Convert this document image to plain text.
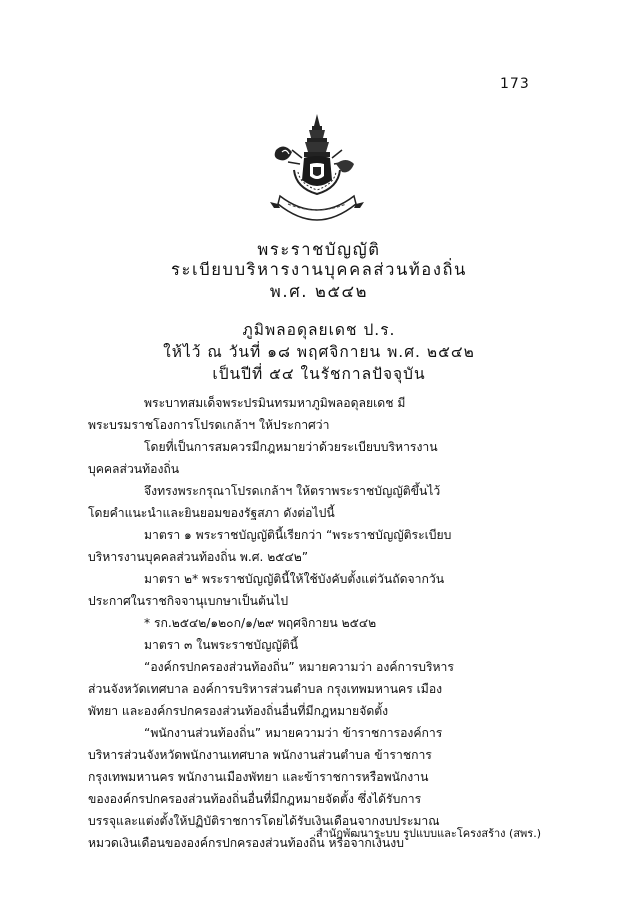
173
พระราชบัญญัติ
ระเบียบบริหารงานบุคคลส่วนท้องถิ่น
พ.ศ. ๒๕๔๒
ภูมิพลอดุลยเดช ป.ร.
ให้ไว้ ณ วันที่ ๑๘ พฤศจิกายน พ.ศ. ๒๕๔๒
เป็นปีที่ ๕๔ ในรัชกาลปัจจุบัน
พระบาทสมเด็จพระปรมินทรมหาภูมิพลอดุลยเดช มี
พระบรมราชโองการโปรดเกล้าฯ ให้ประกาศว่า
โดยที่เป็นการสมควรมีกฎหมายว่าด้วยระเบียบบริหารงาน
บุคคลส่วนท้องถิ่น
จึงทรงพระกรุณาโปรดเกล้าฯ ให้ตราพระราชบัญญัติขึ้นไว้
โดยคำแนะนำและยินยอมของรัฐสภา ดังต่อไปนี้
มาตรา ๑ พระราชบัญญัตินี้เรียกว่า “พระราชบัญญัติระเบียบ
บริหารงานบุคคลส่วนท้องถิ่น พ.ศ. ๒๕๔๒”
มาตรา ๒* พระราชบัญญัตินี้ให้ใช้บังคับตั้งแต่วันถัดจากวัน
ประกาศในราชกิจจานุเบกษาเป็นต้นไป
* รก.๒๕๔๒/๑๒๐ก/๑/๒๙ พฤศจิกายน ๒๕๔๒
มาตรา ๓ ในพระราชบัญญัตินี้
“องค์กรปกครองส่วนท้องถิ่น” หมายความว่า องค์การบริหาร
ส่วนจังหวัดเทศบาล องค์การบริหารส่วนตำบล กรุงเทพมหานคร เมือง
พัทยา และองค์กรปกครองส่วนท้องถิ่นอื่นที่มีกฎหมายจัดตั้ง
“พนักงานส่วนท้องถิ่น” หมายความว่า ข้าราชการองค์การ
บริหารส่วนจังหวัดพนักงานเทศบาล พนักงานส่วนตำบล ข้าราชการ
กรุงเทพมหานคร พนักงานเมืองพัทยา และข้าราชการหรือพนักงาน
ขององค์กรปกครองส่วนท้องถิ่นอื่นที่มีกฎหมายจัดตั้ง ซึ่งได้รับการ
บรรจุและแต่งตั้งให้ปฏิบัติราชการโดยได้รับเงินเดือนจากงบประมาณ
หมวดเงินเดือนขององค์กรปกครองส่วนท้องถิ่น หรือจากเงินงบ
สำนักพัฒนาระบบ รูปแบบและโครงสร้าง (สพร.)
